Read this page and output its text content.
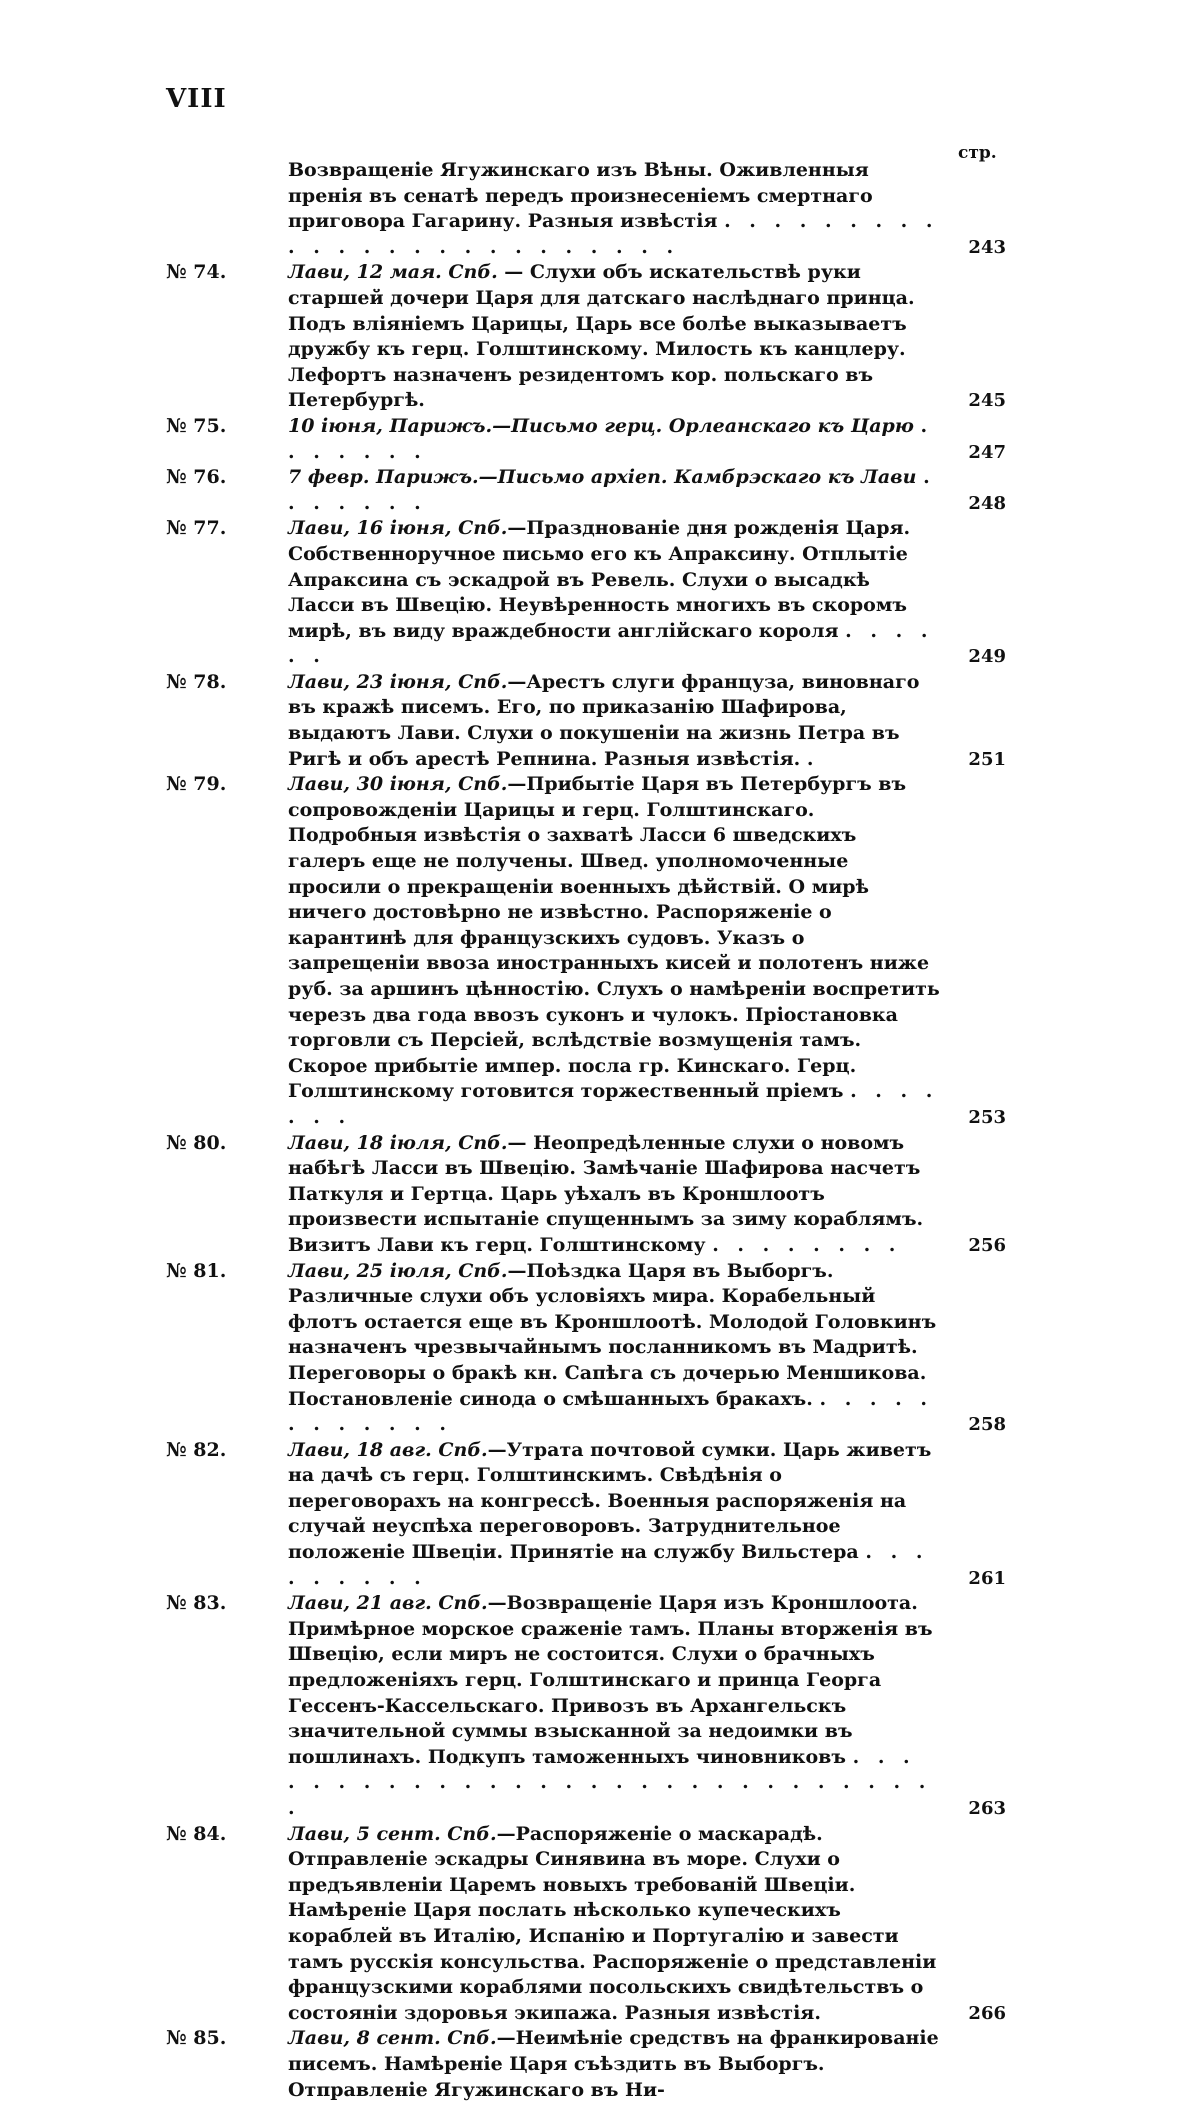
VIII
стр.
Возвращеніе Ягужинскаго изъ Вѣны. Оживленныя пренія въ сенатѣ передъ произнесеніемъ смертнаго приговора Гагарину. Разныя извѣстія . . . . . . . . . . . . . . . . . . . . . . . . .	243
№ 74.	Лави, 12 мая. Спб. — Слухи объ искательствѣ руки старшей дочери Царя для датскаго наслѣднаго принца. Подъ вліяніемъ Царицы, Царь все болѣе выказываетъ дружбу къ герц. Голштинскому. Милость къ канцлеру. Лефортъ назначенъ резидентомъ кор. польскаго въ Петербургѣ.	245
№ 75.	10 іюня, Парижъ.—Письмо герц. Орлеанскаго къ Царю . . . . . . .	247
№ 76.	7 февр. Парижъ.—Письмо архіеп. Камбрэскаго къ Лави . . . . . . .	248
№ 77.	Лави, 16 іюня, Спб.—Празднованіе дня рожденія Царя. Собственноручное письмо его къ Апраксину. Отплытіе Апраксина съ эскадрой въ Ревель. Слухи о высадкѣ Ласси въ Швецію. Неувѣренность многихъ въ скоромъ мирѣ, въ виду враждебности англійскаго короля . . . . . .	249
№ 78.	Лави, 23 іюня, Спб.—Арестъ слуги француза, виновнаго въ кражѣ писемъ. Его, по приказанію Шафирова, выдаютъ Лави. Слухи о покушеніи на жизнь Петра въ Ригѣ и объ арестѣ Репнина. Разныя извѣстія. .	251
№ 79.	Лави, 30 іюня, Спб.—Прибытіе Царя въ Петербургъ въ сопровожденіи Царицы и герц. Голштинскаго. Подробныя извѣстія о захватѣ Ласси 6 шведскихъ галеръ еще не получены. Швед. уполномоченные просили о прекращеніи военныхъ дѣйствій. О мирѣ ничего достовѣрно не извѣстно. Распоряженіе о карантинѣ для французскихъ судовъ. Указъ о запрещеніи ввоза иностранныхъ кисей и полотенъ ниже руб. за аршинъ цѣнностію. Слухъ о намѣреніи воспретить черезъ два года ввозъ суконъ и чулокъ. Пріостановка торговли съ Персіей, вслѣдствіе возмущенія тамъ. Скорое прибытіе импер. посла гр. Кинскаго. Герц. Голштинскому готовится торжественный пріемъ . . . . . . .	253
№ 80.	Лави, 18 іюля, Спб.— Неопредѣленные слухи о новомъ набѣгѣ Ласси въ Швецію. Замѣчаніе Шафирова насчетъ Паткуля и Гертца. Царь уѣхалъ въ Кроншлоотъ произвести испытаніе спущеннымъ за зиму кораблямъ. Визитъ Лави къ герц. Голштинскому . . . . . . . .	256
№ 81.	Лави, 25 іюля, Спб.—Поѣздка Царя въ Выборгъ. Различные слухи объ условіяхъ мира. Корабельный флотъ остается еще въ Кроншлоотѣ. Молодой Головкинъ назначенъ чрезвычайнымъ посланникомъ въ Мадритѣ. Переговоры о бракѣ кн. Сапѣга съ дочерью Меншикова. Постановленіе синода о смѣшанныхъ бракахъ. . . . . . . . . . . . .	258
№ 82.	Лави, 18 авг. Спб.—Утрата почтовой сумки. Царь живетъ на дачѣ съ герц. Голштинскимъ. Свѣдѣнія о переговорахъ на конгрессѣ. Военныя распоряженія на случай неуспѣха переговоровъ. Затруднительное положеніе Швеціи. Принятіе на службу Вильстера . . . . . . . . .	261
№ 83.	Лави, 21 авг. Спб.—Возвращеніе Царя изъ Кроншлоота. Примѣрное морское сраженіе тамъ. Планы вторженія въ Швецію, если миръ не состоится. Слухи о брачныхъ предложеніяхъ герц. Голштинскаго и принца Георга Гессенъ-Кассельскаго. Привозъ въ Архангельскъ значительной суммы взысканной за недоимки въ пошлинахъ. Подкупъ таможенныхъ чиновниковъ . . . . . . . . . . . . . . . . . . . . . . . . . . . . . .	263
№ 84.	Лави, 5 сент. Спб.—Распоряженіе о маскарадѣ. Отправленіе эскадры Синявина въ море. Слухи о предъявленіи Царемъ новыхъ требованій Швеціи. Намѣреніе Царя послать нѣсколько купеческихъ кораблей въ Италію, Испанію и Португалію и завести тамъ русскія консульства. Распоряженіе о представленіи французскими кораблями посольскихъ свидѣтельствъ о состояніи здоровья экипажа. Разныя извѣстія.	266
№ 85.	Лави, 8 сент. Спб.—Неимѣніе средствъ на франкированіе писемъ. Намѣреніе Царя съѣздить въ Выборгъ. Отправленіе Ягужинскаго въ Ни-
